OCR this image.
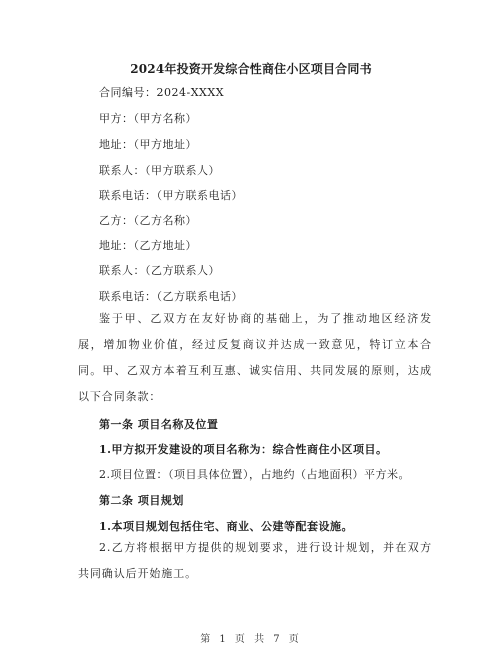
2024年投资开发综合性商住小区项目合同书
合同编号：2024-XXXX
甲方：（甲方名称）
地址：（甲方地址）
联系人：（甲方联系人）
联系电话：（甲方联系电话）
乙方：（乙方名称）
地址：（乙方地址）
联系人：（乙方联系人）
联系电话：（乙方联系电话）
鉴于甲、乙双方在友好协商的基础上，为了推动地区经济发展，增加物业价值，经过反复商议并达成一致意见，特订立本合同。甲、乙双方本着互利互惠、诚实信用、共同发展的原则，达成以下合同条款：
第一条 项目名称及位置
1.甲方拟开发建设的项目名称为：综合性商住小区项目。
2.项目位置：（项目具体位置），占地约（占地面积）平方米。
第二条 项目规划
1.本项目规划包括住宅、商业、公建等配套设施。
2.乙方将根据甲方提供的规划要求，进行设计规划，并在双方共同确认后开始施工。
第 1 页 共 7 页
